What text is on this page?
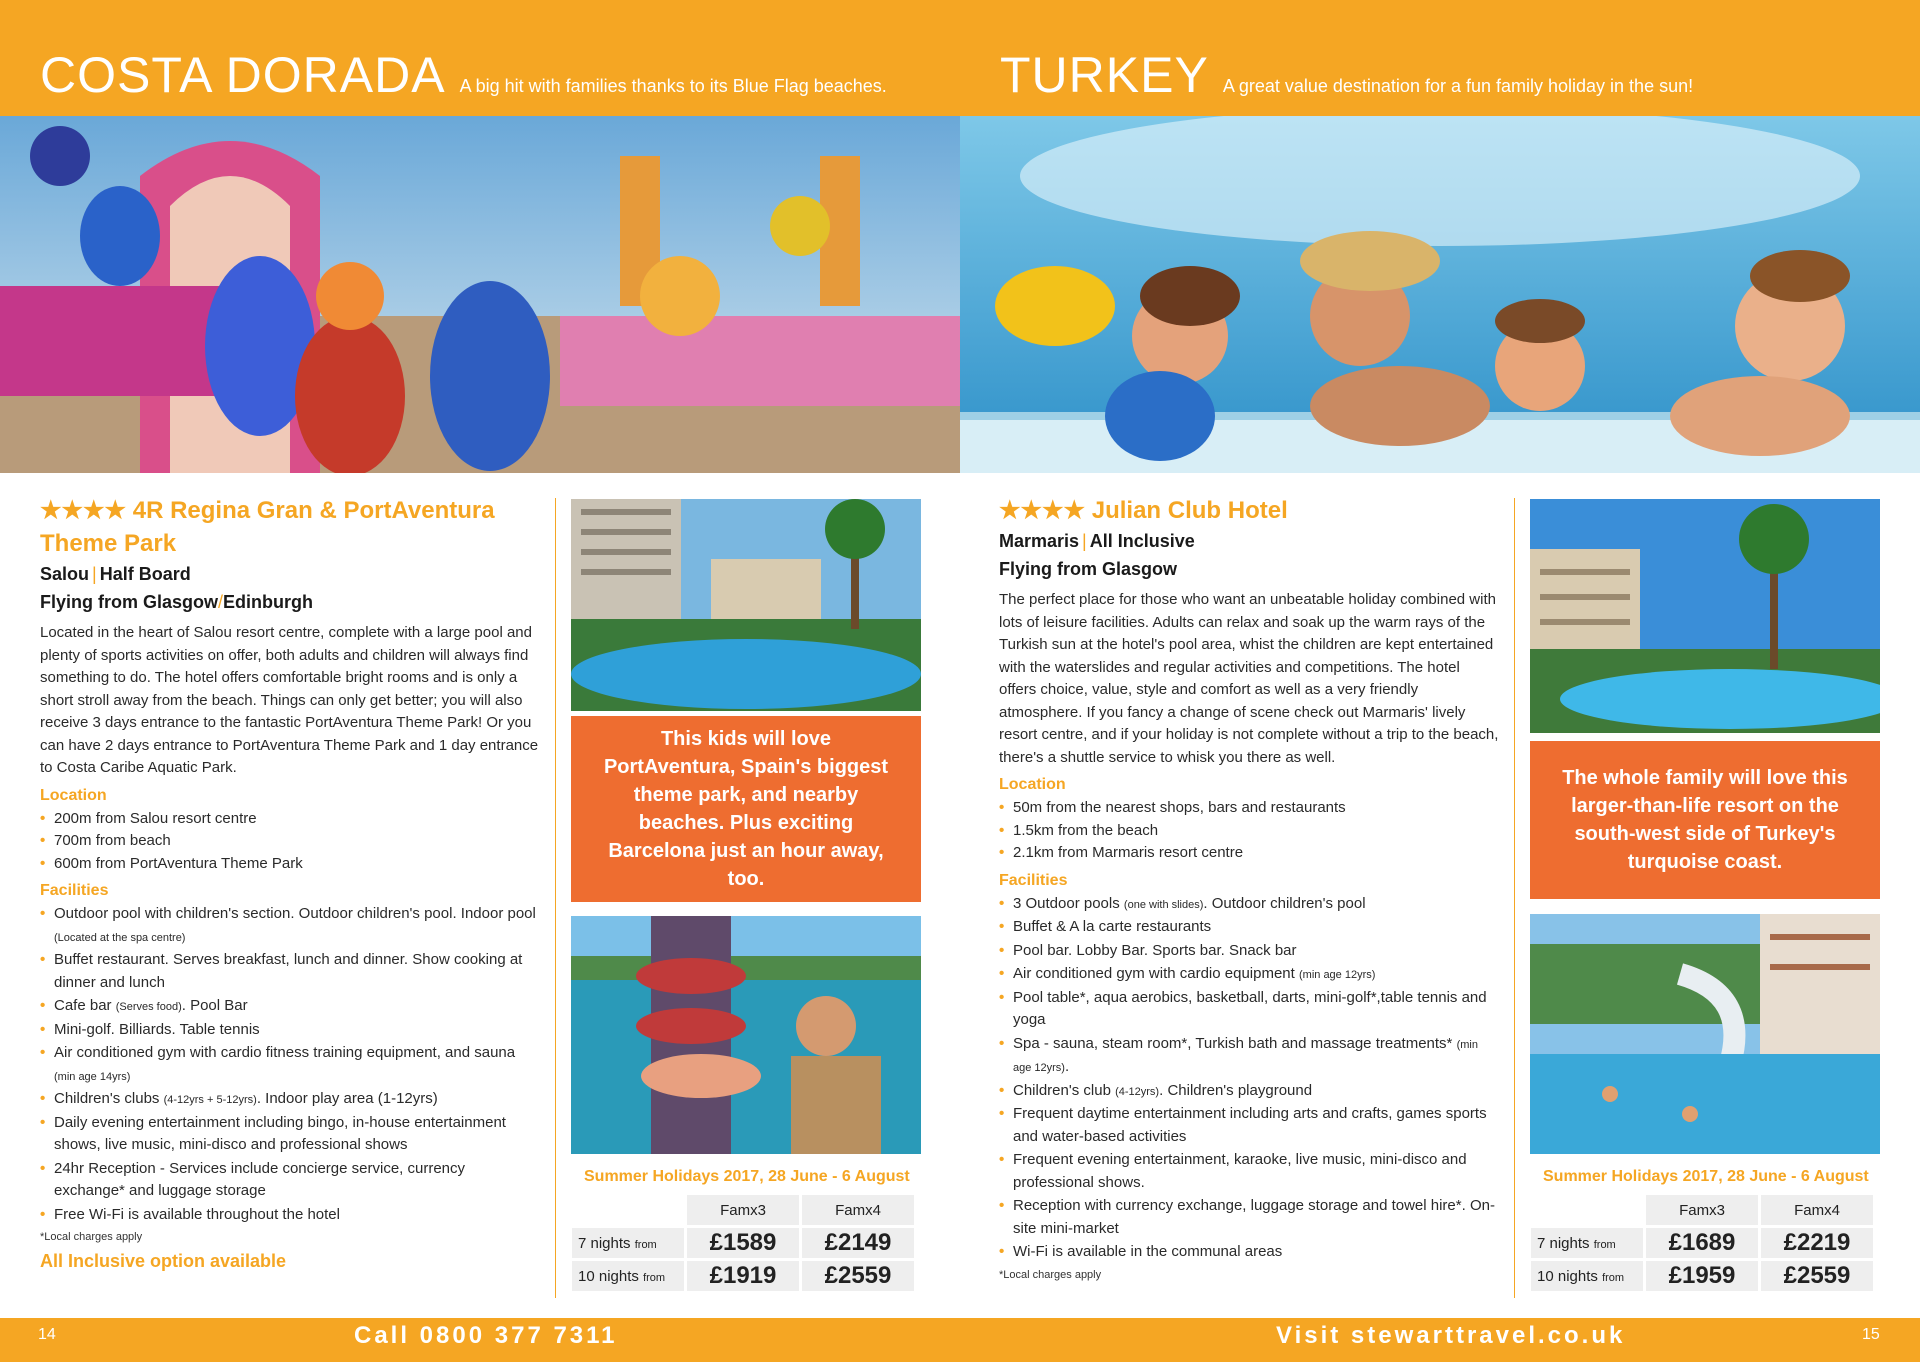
COSTA DORADA A big hit with families thanks to its Blue Flag beaches. TURKEY A great value destination for a fun family holiday in the sun!
★★★★ 4R Regina Gran & PortAventura
Theme Park
Salou | Half Board
Flying from Glasgow/Edinburgh
Located in the heart of Salou resort centre, complete with a large pool and plenty of sports activities on offer, both adults and children will always find something to do. The hotel offers comfortable bright rooms and is only a short stroll away from the beach. Things can only get better; you will also receive 3 days entrance to the fantastic PortAventura Theme Park! Or you can have 2 days entrance to PortAventura Theme Park and 1 day entrance to Costa Caribe Aquatic Park.
Location
• 200m from Salou resort centre
• 700m from beach
• 600m from PortAventura Theme Park
Facilities
• Outdoor pool with children's section. Outdoor children's pool. Indoor pool (Located at the spa centre)
• Buffet restaurant. Serves breakfast, lunch and dinner. Show cooking at dinner and lunch
• Cafe bar (Serves food). Pool Bar
• Mini-golf. Billiards. Table tennis
• Air conditioned gym with cardio fitness training equipment, and sauna (min age 14yrs)
• Children's clubs (4-12yrs + 5-12yrs). Indoor play area (1-12yrs)
• Daily evening entertainment including bingo, in-house entertainment shows, live music, mini-disco and professional shows
• 24hr Reception - Services include concierge service, currency exchange* and luggage storage
• Free Wi-Fi is available throughout the hotel
*Local charges apply
All Inclusive option available
This kids will love PortAventura, Spain's biggest theme park, and nearby beaches. Plus exciting Barcelona just an hour away, too.
Summer Holidays 2017, 28 June - 6 August
	Famx3	Famx4
7 nights from	£1589	£2149
10 nights from	£1919	£2559
★★★★ Julian Club Hotel
Marmaris | All Inclusive
Flying from Glasgow
The perfect place for those who want an unbeatable holiday combined with lots of leisure facilities. Adults can relax and soak up the warm rays of the Turkish sun at the hotel's pool area, whist the children are kept entertained with the waterslides and regular activities and competitions. The hotel offers choice, value, style and comfort as well as a very friendly atmosphere. If you fancy a change of scene check out Marmaris' lively resort centre, and if your holiday is not complete without a trip to the beach, there's a shuttle service to whisk you there as well.
Location
• 50m from the nearest shops, bars and restaurants
• 1.5km from the beach
• 2.1km from Marmaris resort centre
Facilities
• 3 Outdoor pools (one with slides). Outdoor children's pool
• Buffet & A la carte restaurants
• Pool bar. Lobby Bar. Sports bar. Snack bar
• Air conditioned gym with cardio equipment (min age 12yrs)
• Pool table*, aqua aerobics, basketball, darts, mini-golf*,table tennis and yoga
• Spa - sauna, steam room*, Turkish bath and massage treatments* (min age 12yrs).
• Children's club (4-12yrs). Children's playground
• Frequent daytime entertainment including arts and crafts, games sports and water-based activities
• Frequent evening entertainment, karaoke, live music, mini-disco and professional shows.
• Reception with currency exchange, luggage storage and towel hire*. On-site mini-market
• Wi-Fi is available in the communal areas
*Local charges apply
The whole family will love this larger-than-life resort on the south-west side of Turkey's turquoise coast.
Summer Holidays 2017, 28 June - 6 August
	Famx3	Famx4
7 nights from	£1689	£2219
10 nights from	£1959	£2559
14	Call 0800 377 7311	Visit stewarttravel.co.uk	15
